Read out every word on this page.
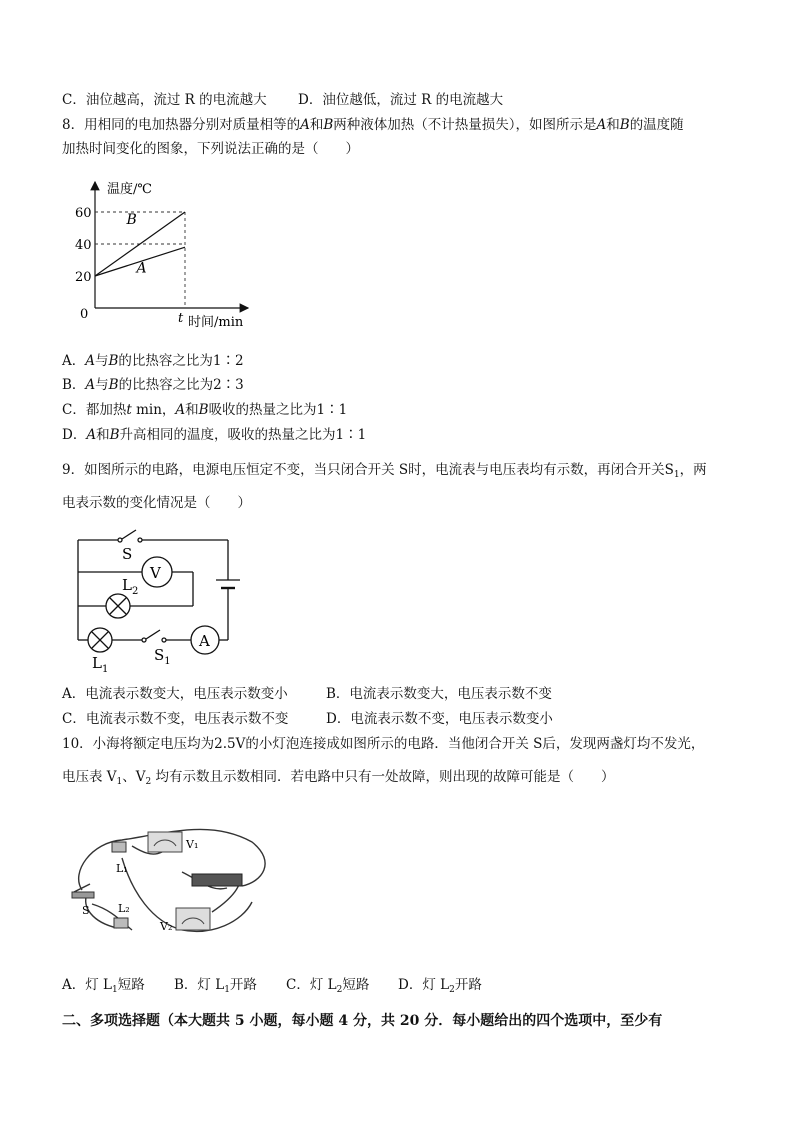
C．油位越高，流过 R 的电流越大 D．油位越低，流过 R 的电流越大
8．用相同的电加热器分别对质量相等的A和B两种液体加热（不计热量损失），如图所示是A和B的温度随
加热时间变化的图象，下列说法正确的是（　　）
温度/℃
0	t 时间/min
20
40
60
A
B
A．A与B的比热容之比为1∶2
B．A与B的比热容之比为2∶3
C．都加热t min，A和B吸收的热量之比为1∶1
D．A和B升高相同的温度，吸收的热量之比为1∶1
9．如图所示的电路，电源电压恒定不变，当只闭合开关 S时，电流表与电压表均有示数，再闭合开关$S_1$，两
电表示数的变化情况是（　　）
S
V
$L_2$
$S_1$
A
$L_1$
A．电流表示数变大，电压表示数变小	B．电流表示数变大，电压表示数不变
C．电流表示数不变，电压表示数不变	D．电流表示数不变，电压表示数变小
10．小海将额定电压均为2.5V的小灯泡连接成如图所示的电路．当他闭合开关 S后，发现两盏灯均不发光，
电压表 $V_1$、$V_2$ 均有示数且示数相同．若电路中只有一处故障，则出现的故障可能是（　　）
V₁
V₂
L₁
L₂
S
A．灯 $L_1$短路 B．灯 $L_1$开路 C．灯 $L_2$短路 D．灯 $L_2$开路
二、多项选择题（本大题共 5 小题，每小题 4 分，共 20 分．每小题给出的四个选项中，至少有
